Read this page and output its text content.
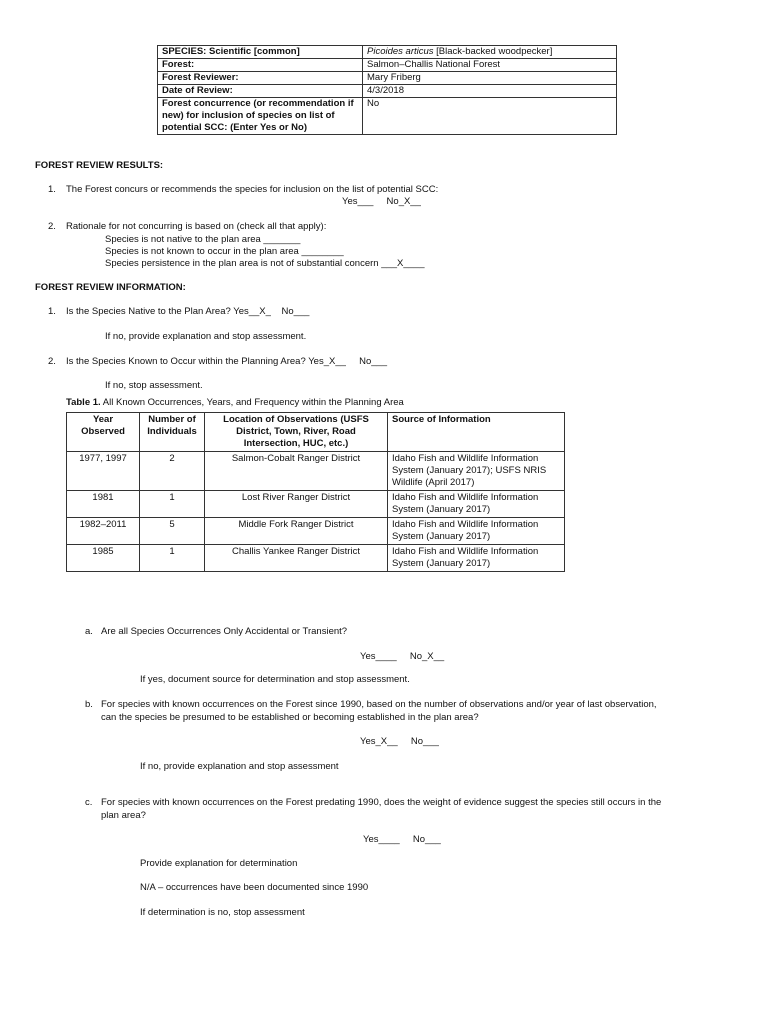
SPECIES: Scientific [common]	Picoides articus [Black-backed woodpecker]
Forest:	Salmon–Challis National Forest
Forest Reviewer:	Mary Friberg
Date of Review:	4/3/2018
Forest concurrence (or recommendation if new) for inclusion of species on list of potential SCC: (Enter Yes or No)	No
FOREST REVIEW RESULTS:
1. The Forest concurs or recommends the species for inclusion on the list of potential SCC:
Yes___     No_X__
2. Rationale for not concurring is based on (check all that apply):
Species is not native to the plan area _______
Species is not known to occur in the plan area ________
Species persistence in the plan area is not of substantial concern ___X____
FOREST REVIEW INFORMATION:
1. Is the Species Native to the Plan Area? Yes__X_    No___
If no, provide explanation and stop assessment.
2. Is the Species Known to Occur within the Planning Area? Yes_X__     No___
If no, stop assessment.
Table 1. All Known Occurrences, Years, and Frequency within the Planning Area
Year Observed	Number of Individuals	Location of Observations (USFS District, Town, River, Road Intersection, HUC, etc.)	Source of Information
1977, 1997	2	Salmon-Cobalt Ranger District	Idaho Fish and Wildlife Information System (January 2017); USFS NRIS Wildlife (April 2017)
1981	1	Lost River Ranger District	Idaho Fish and Wildlife Information System (January 2017)
1982–2011	5	Middle Fork Ranger District	Idaho Fish and Wildlife Information System (January 2017)
1985	1	Challis Yankee Ranger District	Idaho Fish and Wildlife Information System (January 2017)
a. Are all Species Occurrences Only Accidental or Transient?
Yes____     No_X__
If yes, document source for determination and stop assessment.
b. For species with known occurrences on the Forest since 1990, based on the number of observations and/or year of last observation,
can the species be presumed to be established or becoming established in the plan area?
Yes_X__     No___
If no, provide explanation and stop assessment
c. For species with known occurrences on the Forest predating 1990, does the weight of evidence suggest the species still occurs in the
plan area?
Yes____     No___
Provide explanation for determination
N/A – occurrences have been documented since 1990
If determination is no, stop assessment
